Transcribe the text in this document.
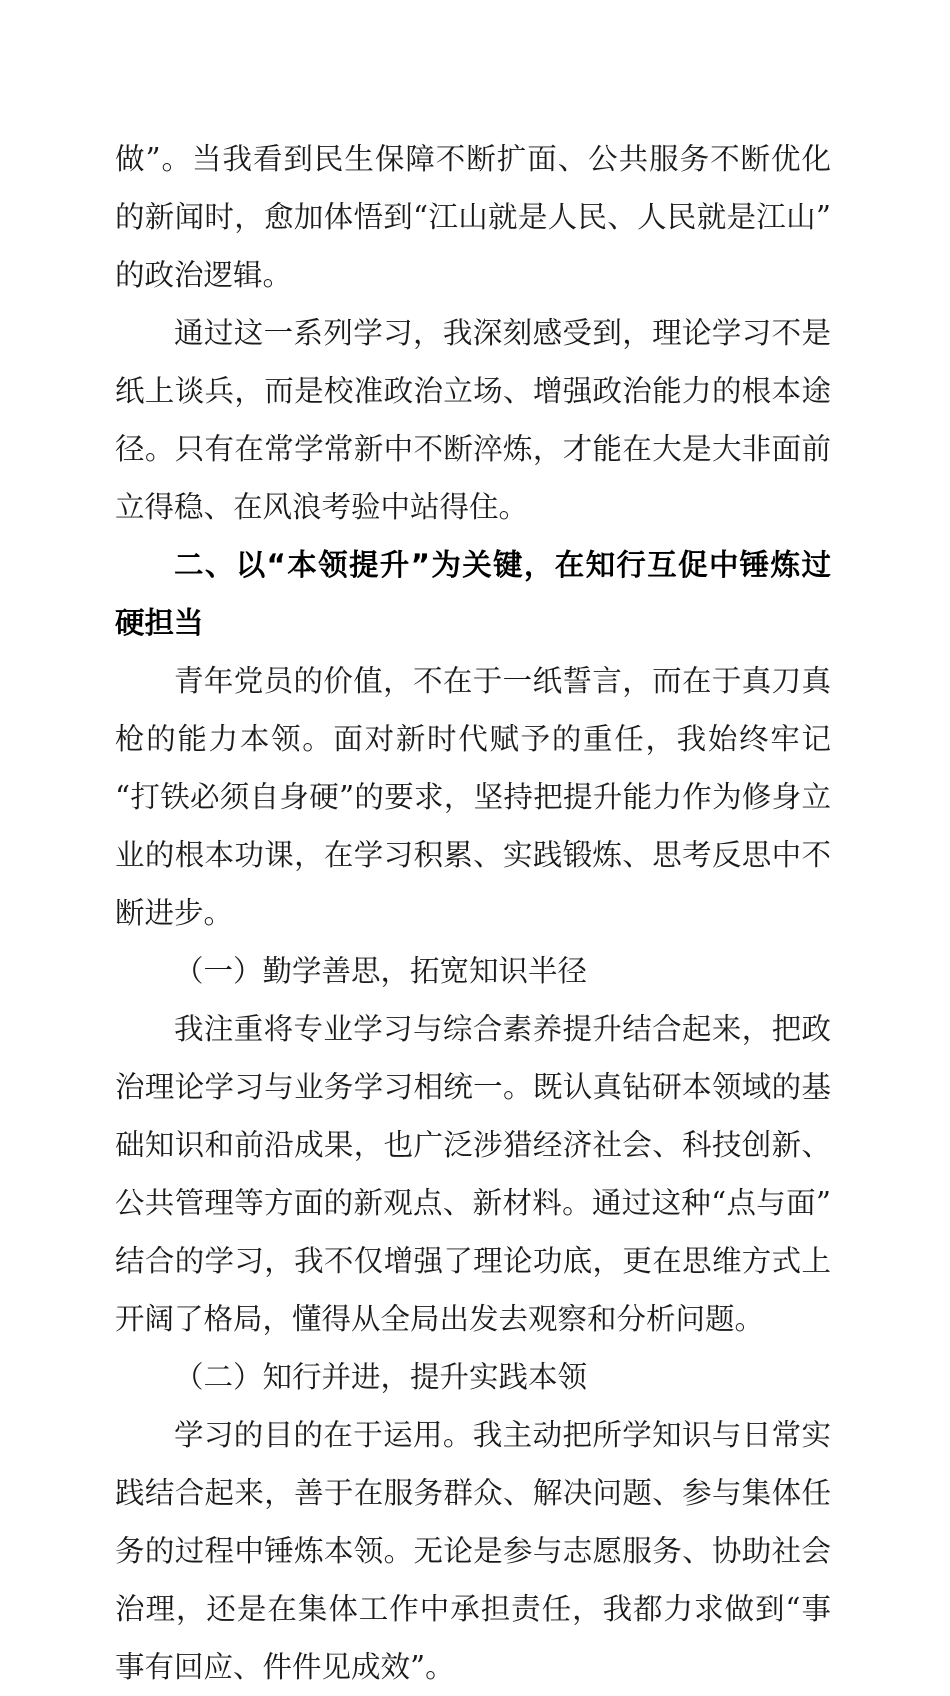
做”。当我看到民生保障不断扩面、公共服务不断优化的新闻时，愈加体悟到“江山就是人民、人民就是江山”的政治逻辑。

通过这一系列学习，我深刻感受到，理论学习不是纸上谈兵，而是校准政治立场、增强政治能力的根本途径。只有在常学常新中不断淬炼，才能在大是大非面前立得稳、在风浪考验中站得住。

二、以“本领提升”为关键，在知行互促中锤炼过硬担当

青年党员的价值，不在于一纸誓言，而在于真刀真枪的能力本领。面对新时代赋予的重任，我始终牢记“打铁必须自身硬”的要求，坚持把提升能力作为修身立业的根本功课，在学习积累、实践锻炼、思考反思中不断进步。

（一）勤学善思，拓宽知识半径

我注重将专业学习与综合素养提升结合起来，把政治理论学习与业务学习相统一。既认真钻研本领域的基础知识和前沿成果，也广泛涉猎经济社会、科技创新、公共管理等方面的新观点、新材料。通过这种“点与面”结合的学习，我不仅增强了理论功底，更在思维方式上开阔了格局，懂得从全局出发去观察和分析问题。

（二）知行并进，提升实践本领

学习的目的在于运用。我主动把所学知识与日常实践结合起来，善于在服务群众、解决问题、参与集体任务的过程中锤炼本领。无论是参与志愿服务、协助社会治理，还是在集体工作中承担责任，我都力求做到“事事有回应、件件见成效”。
